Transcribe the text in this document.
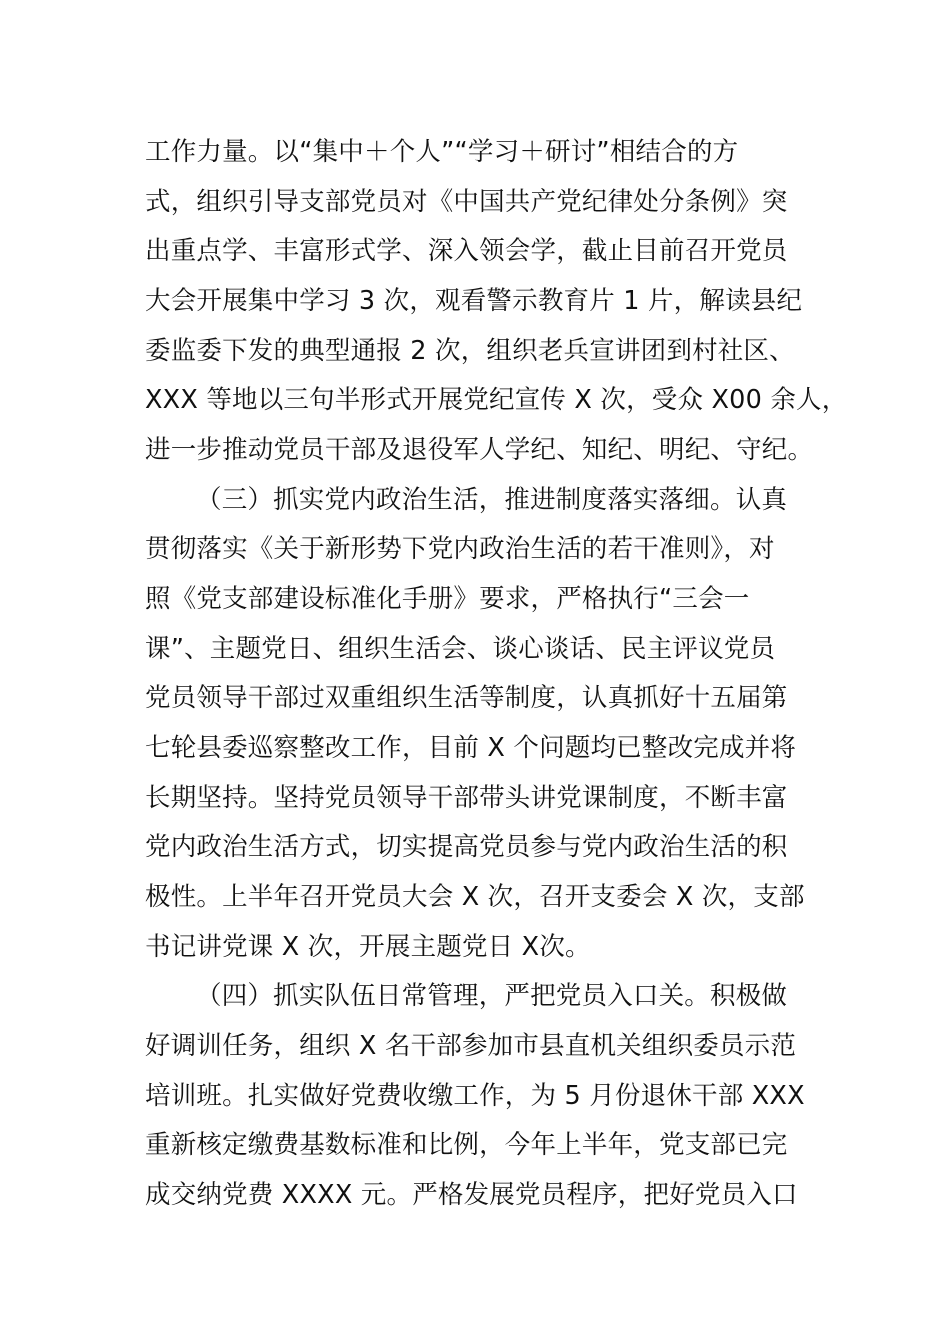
工作力量。以“集中＋个人”“学习＋研讨”相结合的方
式，组织引导支部党员对《中国共产党纪律处分条例》突
出重点学、丰富形式学、深入领会学，截止目前召开党员
大会开展集中学习 3 次，观看警示教育片 1 片，解读县纪
委监委下发的典型通报 2 次，组织老兵宣讲团到村社区、
XXX 等地以三句半形式开展党纪宣传 X 次，受众 X00 余人，
进一步推动党员干部及退役军人学纪、知纪、明纪、守纪。
（三）抓实党内政治生活，推进制度落实落细。认真
贯彻落实《关于新形势下党内政治生活的若干准则》，对
照《党支部建设标准化手册》要求，严格执行“三会一
课”、主题党日、组织生活会、谈心谈话、民主评议党员
党员领导干部过双重组织生活等制度，认真抓好十五届第
七轮县委巡察整改工作，目前 X 个问题均已整改完成并将
长期坚持。坚持党员领导干部带头讲党课制度，不断丰富
党内政治生活方式，切实提高党员参与党内政治生活的积
极性。上半年召开党员大会 X 次，召开支委会 X 次，支部
书记讲党课 X 次，开展主题党日 X次。
（四）抓实队伍日常管理，严把党员入口关。积极做
好调训任务，组织 X 名干部参加市县直机关组织委员示范
培训班。扎实做好党费收缴工作，为 5 月份退休干部 XXX
重新核定缴费基数标准和比例，今年上半年，党支部已完
成交纳党费 XXXX 元。严格发展党员程序，把好党员入口
